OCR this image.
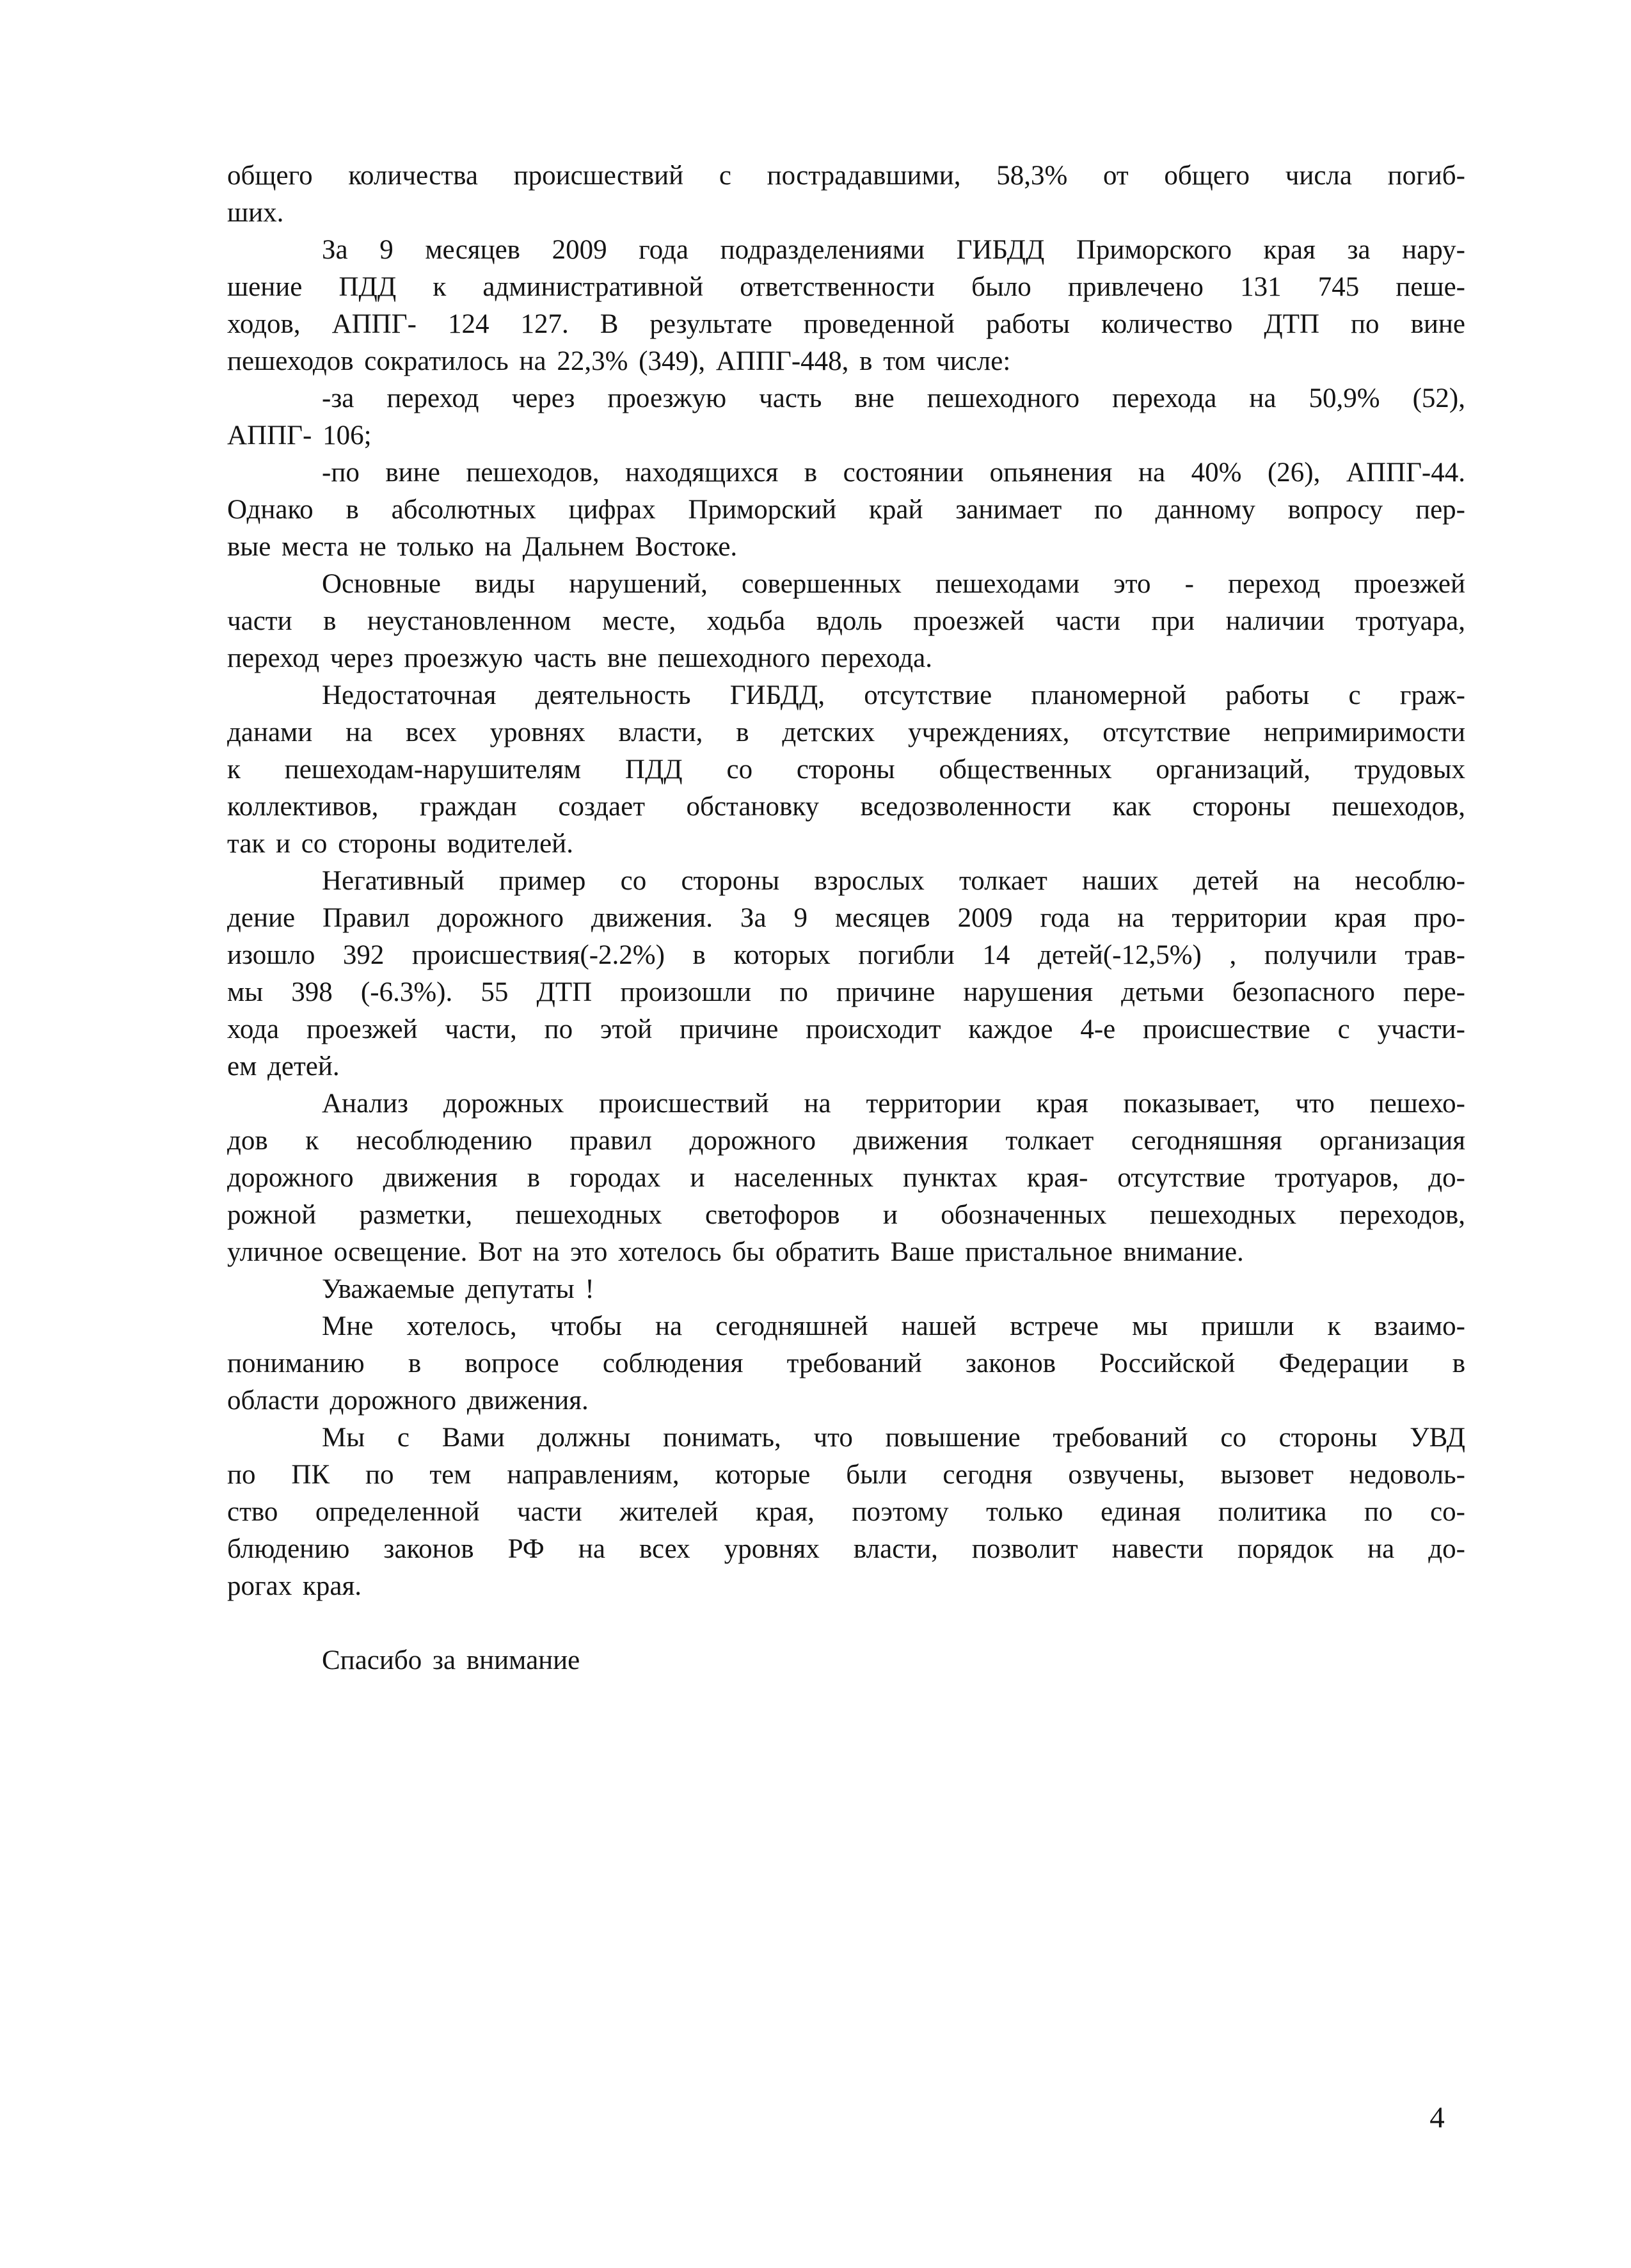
общего количества происшествий с пострадавшими, 58,3% от общего числа погиб-
ших.
За 9 месяцев 2009 года подразделениями ГИБДД Приморского края за нару-
шение ПДД к административной ответственности было привлечено 131 745 пеше-
ходов, АППГ- 124 127. В результате проведенной работы количество ДТП по вине
пешеходов сократилось на 22,3% (349), АППГ-448, в том числе:
-за переход через проезжую часть вне пешеходного перехода на 50,9% (52),
АППГ- 106;
-по вине пешеходов, находящихся в состоянии опьянения на 40% (26), АППГ-44.
Однако в абсолютных цифрах Приморский край занимает по данному вопросу пер-
вые места не только на Дальнем Востоке.
Основные виды нарушений, совершенных пешеходами это - переход проезжей
части в неустановленном месте, ходьба вдоль проезжей части при наличии тротуара,
переход через проезжую часть вне пешеходного перехода.
Недостаточная деятельность ГИБДД, отсутствие планомерной работы с граж-
данами на всех уровнях власти, в детских учреждениях, отсутствие непримиримости
к пешеходам-нарушителям ПДД со стороны общественных организаций, трудовых
коллективов, граждан создает обстановку вседозволенности как стороны пешеходов,
так и со стороны водителей.
Негативный пример со стороны взрослых толкает наших детей на несоблю-
дение Правил дорожного движения. За 9 месяцев 2009 года на территории края про-
изошло 392 происшествия(-2.2%) в которых погибли 14 детей(-12,5%) , получили трав-
мы 398 (-6.3%). 55 ДТП произошли по причине нарушения детьми безопасного пере-
хода проезжей части, по этой причине происходит каждое 4-е происшествие с участи-
ем детей.
Анализ дорожных происшествий на территории края показывает, что пешехо-
дов к несоблюдению правил дорожного движения толкает сегодняшняя организация
дорожного движения в городах и населенных пунктах края- отсутствие тротуаров, до-
рожной разметки, пешеходных светофоров и обозначенных пешеходных переходов,
уличное освещение. Вот на это хотелось бы обратить Ваше пристальное внимание.
Уважаемые депутаты !
Мне хотелось, чтобы на сегодняшней нашей встрече мы пришли к взаимо-
пониманию в вопросе соблюдения требований законов Российской Федерации в
области дорожного движения.
Мы с Вами должны понимать, что повышение требований со стороны УВД
по ПК по тем направлениям, которые были сегодня озвучены, вызовет недоволь-
ство определенной части жителей края, поэтому только единая политика по со-
блюдению законов РФ на всех уровнях власти, позволит навести порядок на до-
рогах края.
Спасибо за внимание
4
